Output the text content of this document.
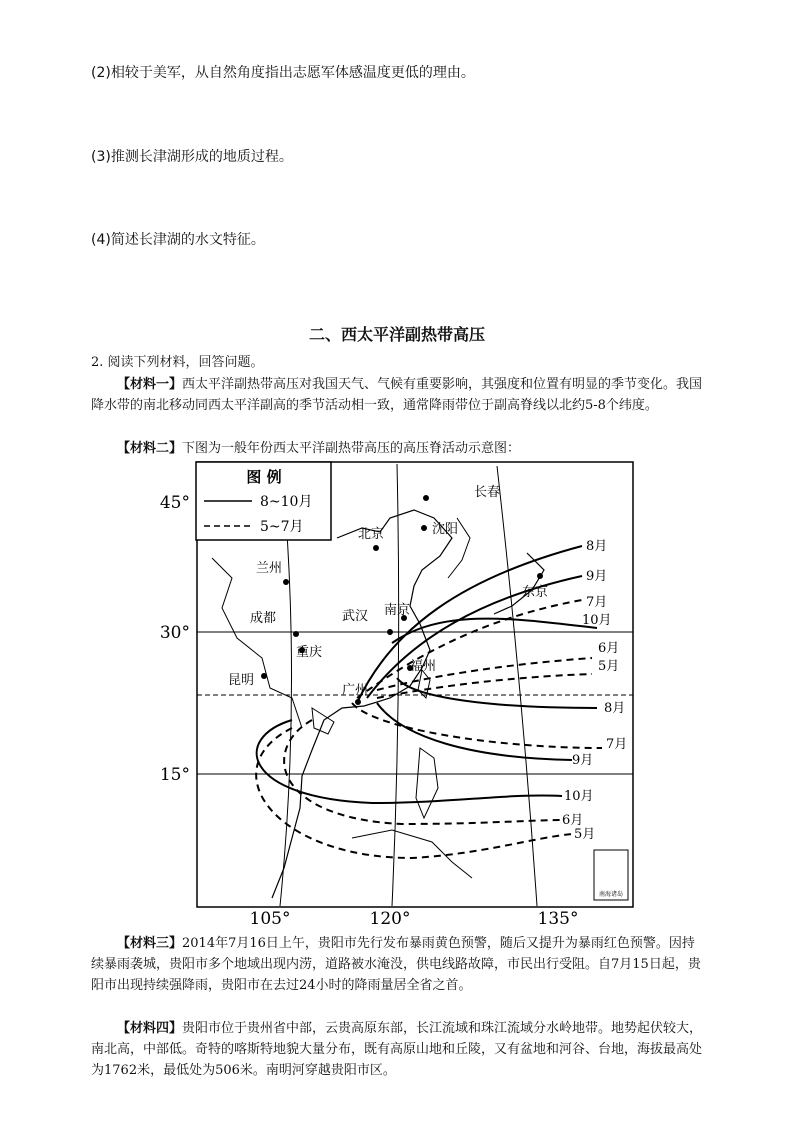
(2)相较于美军，从自然角度指出志愿军体感温度更低的理由。
(3)推测长津湖形成的地质过程。
(4)简述长津湖的水文特征。
二、西太平洋副热带高压
2. 阅读下列材料，回答问题。
【材料一】西太平洋副热带高压对我国天气、气候有重要影响，其强度和位置有明显的季节变化。我国降水带的南北移动同西太平洋副高的季节活动相一致，通常降雨带位于副高脊线以北约5-8个纬度。
【材料二】下图为一般年份西太平洋副热带高压的高压脊活动示意图：
图 例
8~10月
5~7月
南海诸岛
长春
沈阳
北京
兰州
东京
成都	武汉 南京
重庆
福州
昆明
广州
8月
9月
7月
10月
6月
5月
8月
7月
9月
10月
6月
5月
45°
30°
15°
105°	120°	135°
【材料三】2014年7月16日上午，贵阳市先行发布暴雨黄色预警，随后又提升为暴雨红色预警。因持续暴雨袭城，贵阳市多个地域出现内涝，道路被水淹没，供电线路故障，市民出行受阻。自7月15日起，贵阳市出现持续强降雨，贵阳市在去过24小时的降雨量居全省之首。
【材料四】贵阳市位于贵州省中部，云贵高原东部，长江流域和珠江流域分水岭地带。地势起伏较大，南北高，中部低。奇特的喀斯特地貌大量分布，既有高原山地和丘陵，又有盆地和河谷、台地，海拔最高处为1762米，最低处为506米。南明河穿越贵阳市区。
